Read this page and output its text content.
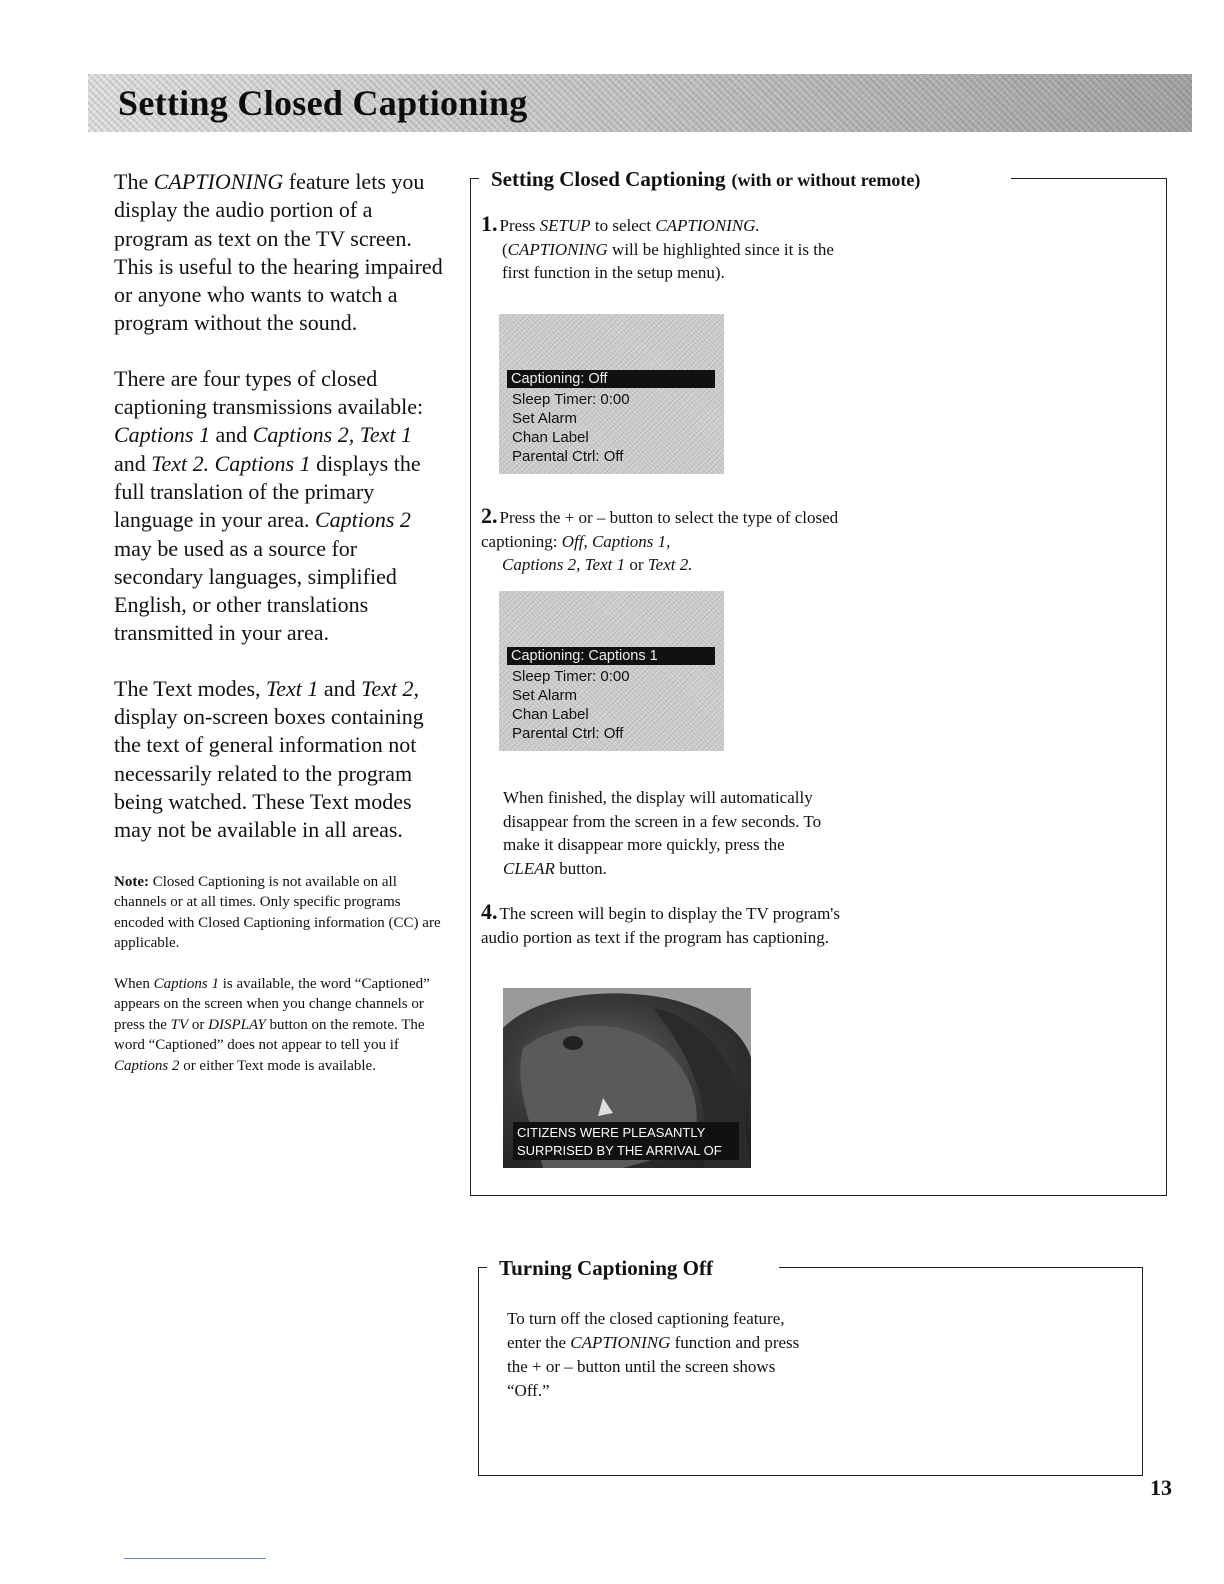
Setting Closed Captioning

The CAPTIONING feature lets you display the audio portion of a program as text on the TV screen. This is useful to the hearing impaired or anyone who wants to watch a program without the sound.

There are four types of closed captioning transmissions available: Captions 1 and Captions 2, Text 1 and Text 2. Captions 1 displays the full translation of the primary language in your area. Captions 2 may be used as a source for secondary languages, simplified English, or other translations transmitted in your area.

The Text modes, Text 1 and Text 2, display on-screen boxes containing the text of general information not necessarily related to the program being watched. These Text modes may not be available in all areas.

Note: Closed Captioning is not available on all channels or at all times. Only specific programs encoded with Closed Captioning information (CC) are applicable.

When Captions 1 is available, the word “Captioned” appears on the screen when you change channels or press the TV or DISPLAY button on the remote. The word “Captioned” does not appear to tell you if Captions 2 or either Text mode is available.

Setting Closed Captioning (with or without remote)
1. Press SETUP to select CAPTIONING.
(CAPTIONING will be highlighted since it is the first function in the setup menu).
Captioning: Off
Sleep Timer: 0:00
Set Alarm
Chan Label
Parental Ctrl: Off
2. Press the + or – button to select the type of closed captioning: Off, Captions 1,
Captions 2, Text 1 or Text 2.
Captioning: Captions 1
Sleep Timer: 0:00
Set Alarm
Chan Label
Parental Ctrl: Off
When finished, the display will automatically disappear from the screen in a few seconds. To make it disappear more quickly, press the CLEAR button.
4. The screen will begin to display the TV program's audio portion as text if the program has captioning.
CITIZENS WERE PLEASANTLY
SURPRISED BY THE ARRIVAL OF
Turning Captioning Off
To turn off the closed captioning feature, enter the CAPTIONING function and press the + or – button until the screen shows “Off.”
13
